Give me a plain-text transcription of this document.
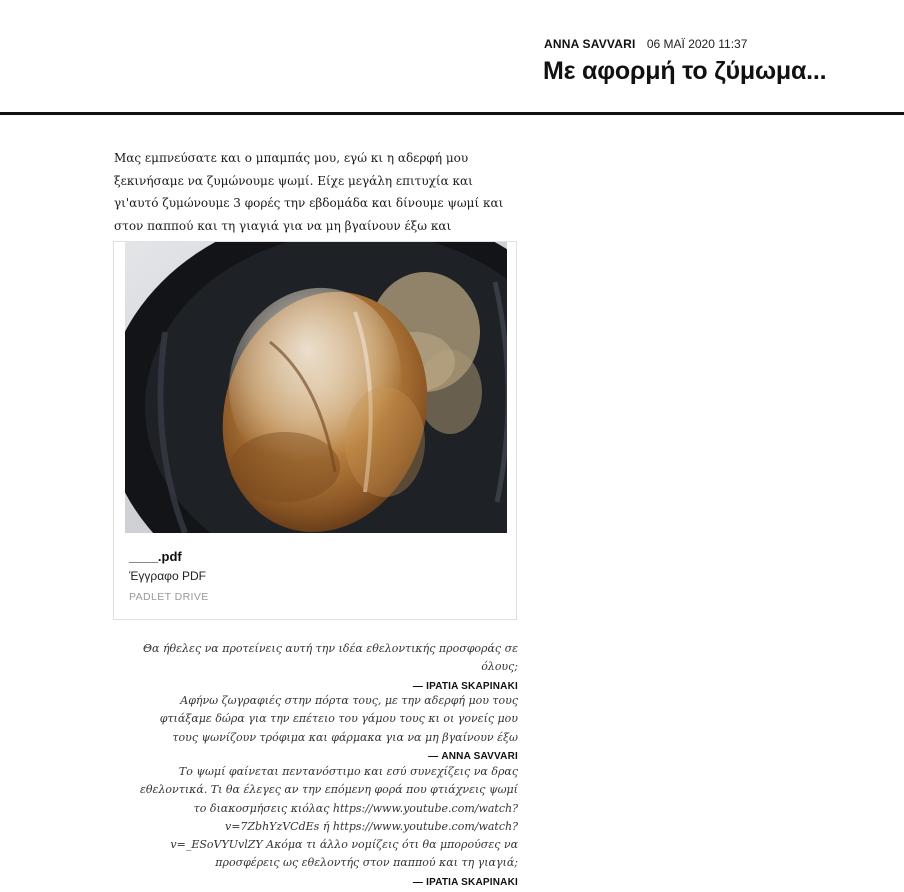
ANNA SAVVARI 06 ΜΑΪ 2020 11:37
Με αφορμή το ζύμωμα...

Μας εμπνεύσατε και ο μπαμπάς μου, εγώ κι η αδερφή μου ξεκινήσαμε να ζυμώνουμε ψωμί. Είχε μεγάλη επιτυχία και γι'αυτό ζυμώνουμε 3 φορές την εβδομάδα και δίνουμε ψωμί και στον παππού και τη γιαγιά για να μη βγαίνουν έξω και

____.pdf
Έγγραφο PDF
PADLET DRIVE

Θα ήθελες να προτείνεις αυτή την ιδέα εθελοντικής προσφοράς σε όλους;
— IPATIA SKAPINAKI

Αφήνω ζωγραφιές στην πόρτα τους, με την αδερφή μου τους φτιάξαμε δώρα για την επέτειο του γάμου τους κι οι γονείς μου τους ψωνίζουν τρόφιμα και φάρμακα για να μη βγαίνουν έξω — ANNA SAVVARI

Το ψωμί φαίνεται πεντανόστιμο και εσύ συνεχίζεις να δρας εθελοντικά. Τι θα έλεγες αν την επόμενη φορά που φτιάχνεις ψωμί το διακοσμήσεις κιόλας https://www.youtube.com/watch?v=7ZbhYzVCdEs ή https://www.youtube.com/watch?v=_ESoVYUvlZY Ακόμα τι άλλο νομίζεις ότι θα μπορούσες να προσφέρεις ως εθελοντής στον παππού και τη γιαγιά; — IPATIA SKAPINAKI
